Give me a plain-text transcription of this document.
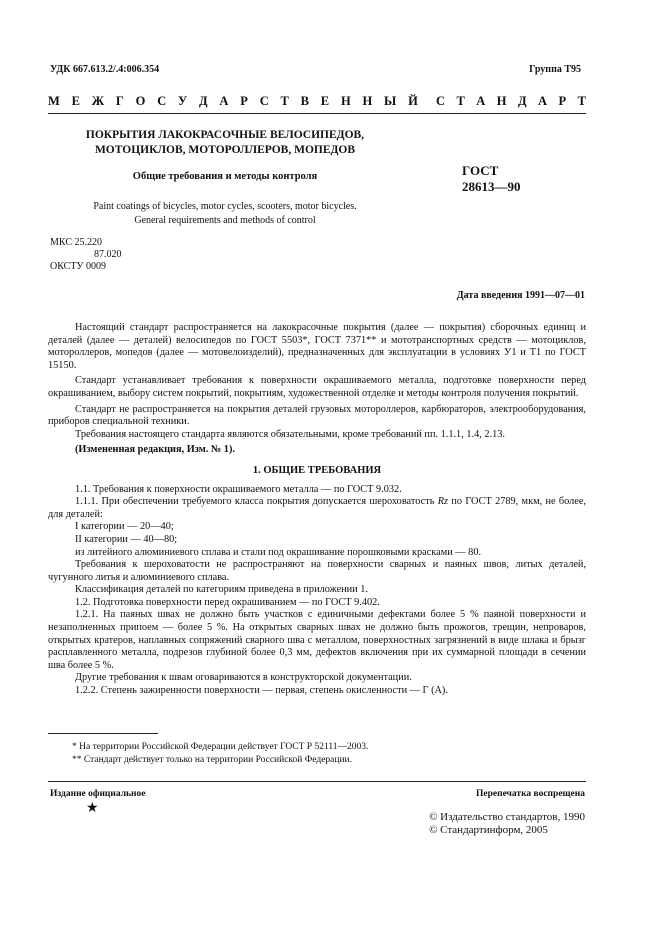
УДК 667.613.2/.4:006.354	Группа Т95
М Е Ж Г О С У Д А Р С Т В Е Н Н Ы Й С Т А Н Д А Р Т
ПОКРЫТИЯ ЛАКОКРАСОЧНЫЕ ВЕЛОСИПЕДОВ,
МОТОЦИКЛОВ, МОТОРОЛЛЕРОВ, МОПЕДОВ
Общие требования и методы контроля
Paint coatings of bicycles, motor cycles, scooters, motor bicycles.
General requirements and methods of control
ГОСТ
28613—90
МКС 25.220
87.020
ОКСТУ 0009
Дата введения 1991—07—01

Настоящий стандарт распространяется на лакокрасочные покрытия (далее — покрытия) сборочных единиц и деталей (далее — деталей) велосипедов по ГОСТ 5503*, ГОСТ 7371** и мототранспортных средств — мотоциклов, мотороллеров, мопедов (далее — мотовелоизделий), предназначенных для эксплуатации в условиях У1 и Т1 по ГОСТ 15150.

Стандарт устанавливает требования к поверхности окрашиваемого металла, подготовке поверхности перед окрашиванием, выбору систем покрытий, покрытиям, художественной отделке и методы контроля получения покрытий.

Стандарт не распространяется на покрытия деталей грузовых мотороллеров, карбюраторов, электрооборудования, приборов специальной техники.

Требования настоящего стандарта являются обязательными, кроме требований пп. 1.1.1, 1.4, 2.13.

(Измененная редакция, Изм. № 1).

1. ОБЩИЕ ТРЕБОВАНИЯ

1.1. Требования к поверхности окрашиваемого металла — по ГОСТ 9.032.

1.1.1. При обеспечении требуемого класса покрытия допускается шероховатость Rz по ГОСТ 2789, мкм, не более, для деталей:

I категории — 20—40;

II категории — 40—80;

из литейного алюминиевого сплава и стали под окрашивание порошковыми красками — 80.

Требования к шероховатости не распространяют на поверхности сварных и паяных швов, литых деталей, чугунного литья и алюминиевого сплава.

Классификация деталей по категориям приведена в приложении 1.

1.2. Подготовка поверхности перед окрашиванием — по ГОСТ 9.402.

1.2.1. На паяных швах не должно быть участков с единичными дефектами более 5 % паяной поверхности и незаполненных припоем — более 5 %. На открытых сварных швах не должно быть прожогов, трещин, непроваров, открытых кратеров, наплавных сопряжений сварного шва с металлом, поверхностных загрязнений в виде шлака и брызг расплавленного металла, подрезов глубиной более 0,3 мм, дефектов включения при их суммарной площади в сечении шва более 5 %.

Другие требования к швам оговариваются в конструкторской документации.

1.2.2. Степень зажиренности поверхности — первая, степень окисленности — Г (А).

* На территории Российской Федерации действует ГОСТ Р 52111—2003.
** Стандарт действует только на территории Российской Федерации.
Издание официальное	Перепечатка воспрещена
★
© Издательство стандартов, 1990
© Стандартинформ, 2005
